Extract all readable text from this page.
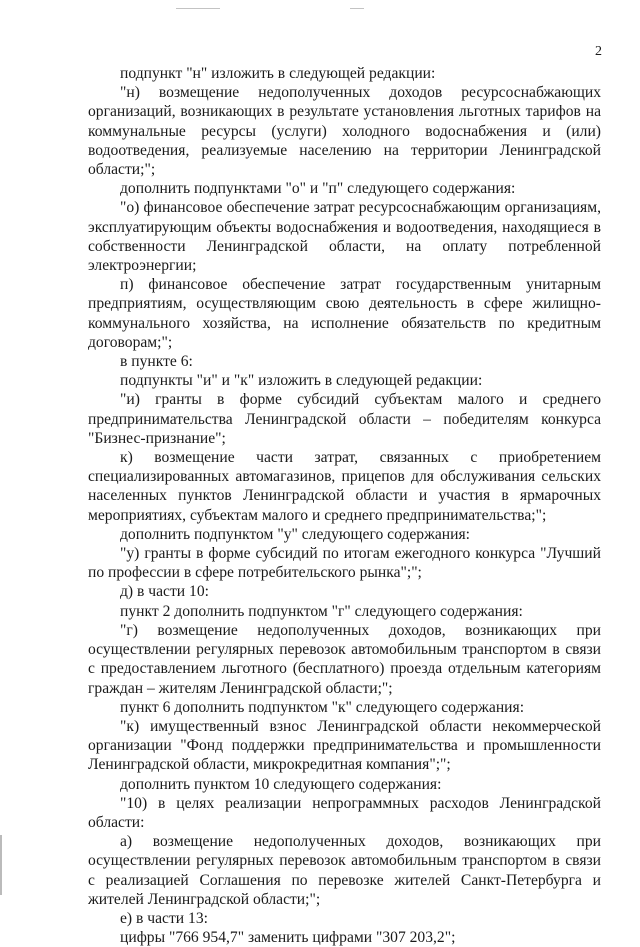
2

подпункт "н" изложить в следующей редакции:

"н) возмещение недополученных доходов ресурсоснабжающих организаций, возникающих в результате установления льготных тарифов на коммунальные ресурсы (услуги) холодного водоснабжения и (или) водоотведения, реализуемые населению на территории Ленинградской области;";

дополнить подпунктами "о" и "п" следующего содержания:

"о) финансовое обеспечение затрат ресурсоснабжающим организациям, эксплуатирующим объекты водоснабжения и водоотведения, находящиеся в собственности Ленинградской области, на оплату потребленной электроэнергии;

п) финансовое обеспечение затрат государственным унитарным предприятиям, осуществляющим свою деятельность в сфере жилищно-коммунального хозяйства, на исполнение обязательств по кредитным договорам;";

в пункте 6:

подпункты "и" и "к" изложить в следующей редакции:

"и) гранты в форме субсидий субъектам малого и среднего предпринимательства Ленинградской области – победителям конкурса "Бизнес-признание";

к) возмещение части затрат, связанных с приобретением специализированных автомагазинов, прицепов для обслуживания сельских населенных пунктов Ленинградской области и участия в ярмарочных мероприятиях, субъектам малого и среднего предпринимательства;";

дополнить подпунктом "у" следующего содержания:

"у) гранты в форме субсидий по итогам ежегодного конкурса "Лучший по профессии в сфере потребительского рынка";";

д) в части 10:

пункт 2 дополнить подпунктом "г" следующего содержания:

"г) возмещение недополученных доходов, возникающих при осуществлении регулярных перевозок автомобильным транспортом в связи с предоставлением льготного (бесплатного) проезда отдельным категориям граждан – жителям Ленинградской области;";

пункт 6 дополнить подпунктом "к" следующего содержания:

"к) имущественный взнос Ленинградской области некоммерческой организации "Фонд поддержки предпринимательства и промышленности Ленинградской области, микрокредитная компания";";

дополнить пунктом 10 следующего содержания:

"10) в целях реализации непрограммных расходов Ленинградской области:

а) возмещение недополученных доходов, возникающих при осуществлении регулярных перевозок автомобильным транспортом в связи с реализацией Соглашения по перевозке жителей Санкт-Петербурга и жителей Ленинградской области;";

е) в части 13:

цифры "766 954,7" заменить цифрами "307 203,2";
